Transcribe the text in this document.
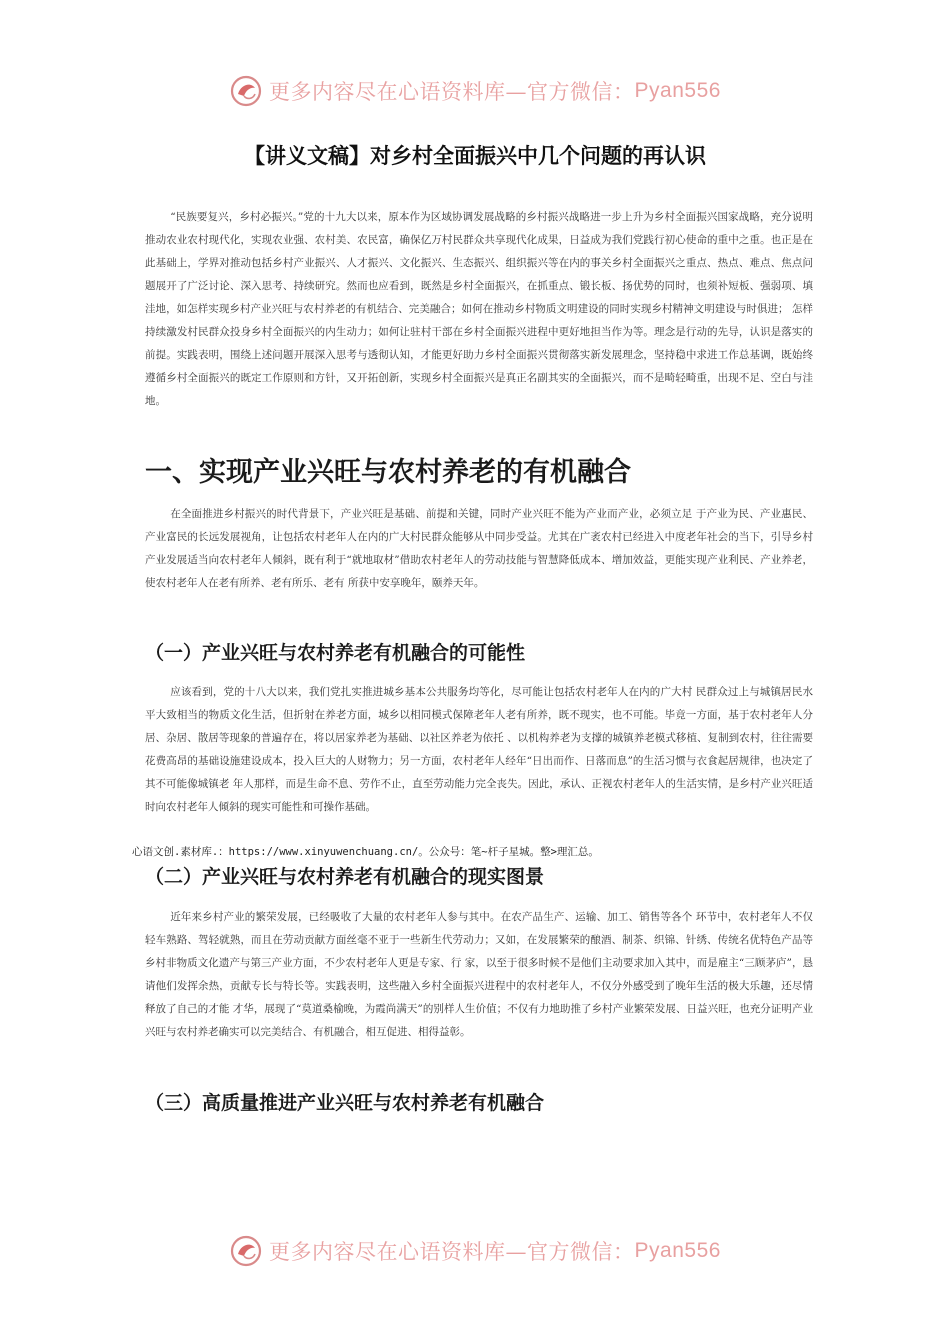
更多内容尽在心语资料库—官方微信： Pyan556
【讲义文稿】对乡村全面振兴中几个问题的再认识

“民族要复兴，乡村必振兴。”党的十九大以来，原本作为区域协调发展战略的乡村振兴战略进一步上升为乡村全面振兴国家战略，充分说明推动农业农村现代化，实现农业强、农村美、农民富，确保亿万村民群众共享现代化成果，日益成为我们党践行初心使命的重中之重。也正是在此基础上，学界对推动包括乡村产业振兴、人才振兴、文化振兴、生态振兴、组织振兴等在内的事关乡村全面振兴之重点、热点、难点、焦点问题展开了广泛讨论、深入思考、持续研究。然而也应看到，既然是乡村全面振兴，在抓重点、锻长板、扬优势的同时，也须补短板、强弱项、填洼地，如怎样实现乡村产业兴旺与农村养老的有机结合、完美融合；如何在推动乡村物质文明建设的同时实现乡村精神文明建设与时俱进； 怎样持续激发村民群众投身乡村全面振兴的内生动力；如何让驻村干部在乡村全面振兴进程中更好地担当作为等。理念是行动的先导，认识是落实的前提。实践表明，围绕上述问题开展深入思考与透彻认知，才能更好助力乡村全面振兴贯彻落实新发展理念，坚持稳中求进工作总基调，既始终遵循乡村全面振兴的既定工作原则和方针，又开拓创新，实现乡村全面振兴是真正名副其实的全面振兴，而不是畸轻畸重，出现不足、空白与洼地。

一、实现产业兴旺与农村养老的有机融合

在全面推进乡村振兴的时代背景下，产业兴旺是基础、前提和关键，同时产业兴旺不能为产业而产业，必须立足 于产业为民、产业惠民、产业富民的长远发展视角，让包括农村老年人在内的广大村民群众能够从中同步受益。尤其在广袤农村已经进入中度老年社会的当下，引导乡村产业发展适当向农村老年人倾斜，既有利于“就地取材”借助农村老年人的劳动技能与智慧降低成本、增加效益，更能实现产业利民、产业养老，使农村老年人在老有所养、老有所乐、老有 所获中安享晚年，颐养天年。

（一）产业兴旺与农村养老有机融合的可能性

应该看到，党的十八大以来，我们党扎实推进城乡基本公共服务均等化，尽可能让包括农村老年人在内的广大村 民群众过上与城镇居民水平大致相当的物质文化生活，但折射在养老方面，城乡以相同模式保障老年人老有所养，既不现实，也不可能。毕竟一方面，基于农村老年人分居、杂居、散居等现象的普遍存在，将以居家养老为基础、以社区养老为依托 、以机构养老为支撑的城镇养老模式移植、复制到农村，往往需要花费高昂的基础设施建设成本，投入巨大的人财物力；另一方面，农村老年人经年“日出而作、日落而息”的生活习惯与衣食起居规律，也决定了其不可能像城镇老 年人那样，而是生命不息、劳作不止，直至劳动能力完全丧失。因此，承认、正视农村老年人的生活实情，是乡村产业兴旺适时向农村老年人倾斜的现实可能性和可操作基础。

心语文创.素材库.：https://www.xinyuwenchuang.cn/。公众号：笔~杆子星城。整>理汇总。

（二）产业兴旺与农村养老有机融合的现实图景

近年来乡村产业的繁荣发展，已经吸收了大量的农村老年人参与其中。在农产品生产、运输、加工、销售等各个 环节中，农村老年人不仅轻车熟路、驾轻就熟，而且在劳动贡献方面丝毫不亚于一些新生代劳动力；又如，在发展繁荣的酿酒、制茶、织锦、针绣、传统名优特色产品等乡村非物质文化遗产与第三产业方面，不少农村老年人更是专家、行 家，以至于很多时候不是他们主动要求加入其中，而是雇主“三顾茅庐”，恳请他们发挥余热，贡献专长与特长等。实践表明，这些融入乡村全面振兴进程中的农村老年人，不仅分外感受到了晚年生活的极大乐趣，还尽情释放了自己的才能 才华，展现了“莫道桑榆晚，为霞尚满天”的别样人生价值；不仅有力地助推了乡村产业繁荣发展、日益兴旺，也充分证明产业兴旺与农村养老确实可以完美结合、有机融合，相互促进、相得益彰。

（三）高质量推进产业兴旺与农村养老有机融合
更多内容尽在心语资料库—官方微信： Pyan556
